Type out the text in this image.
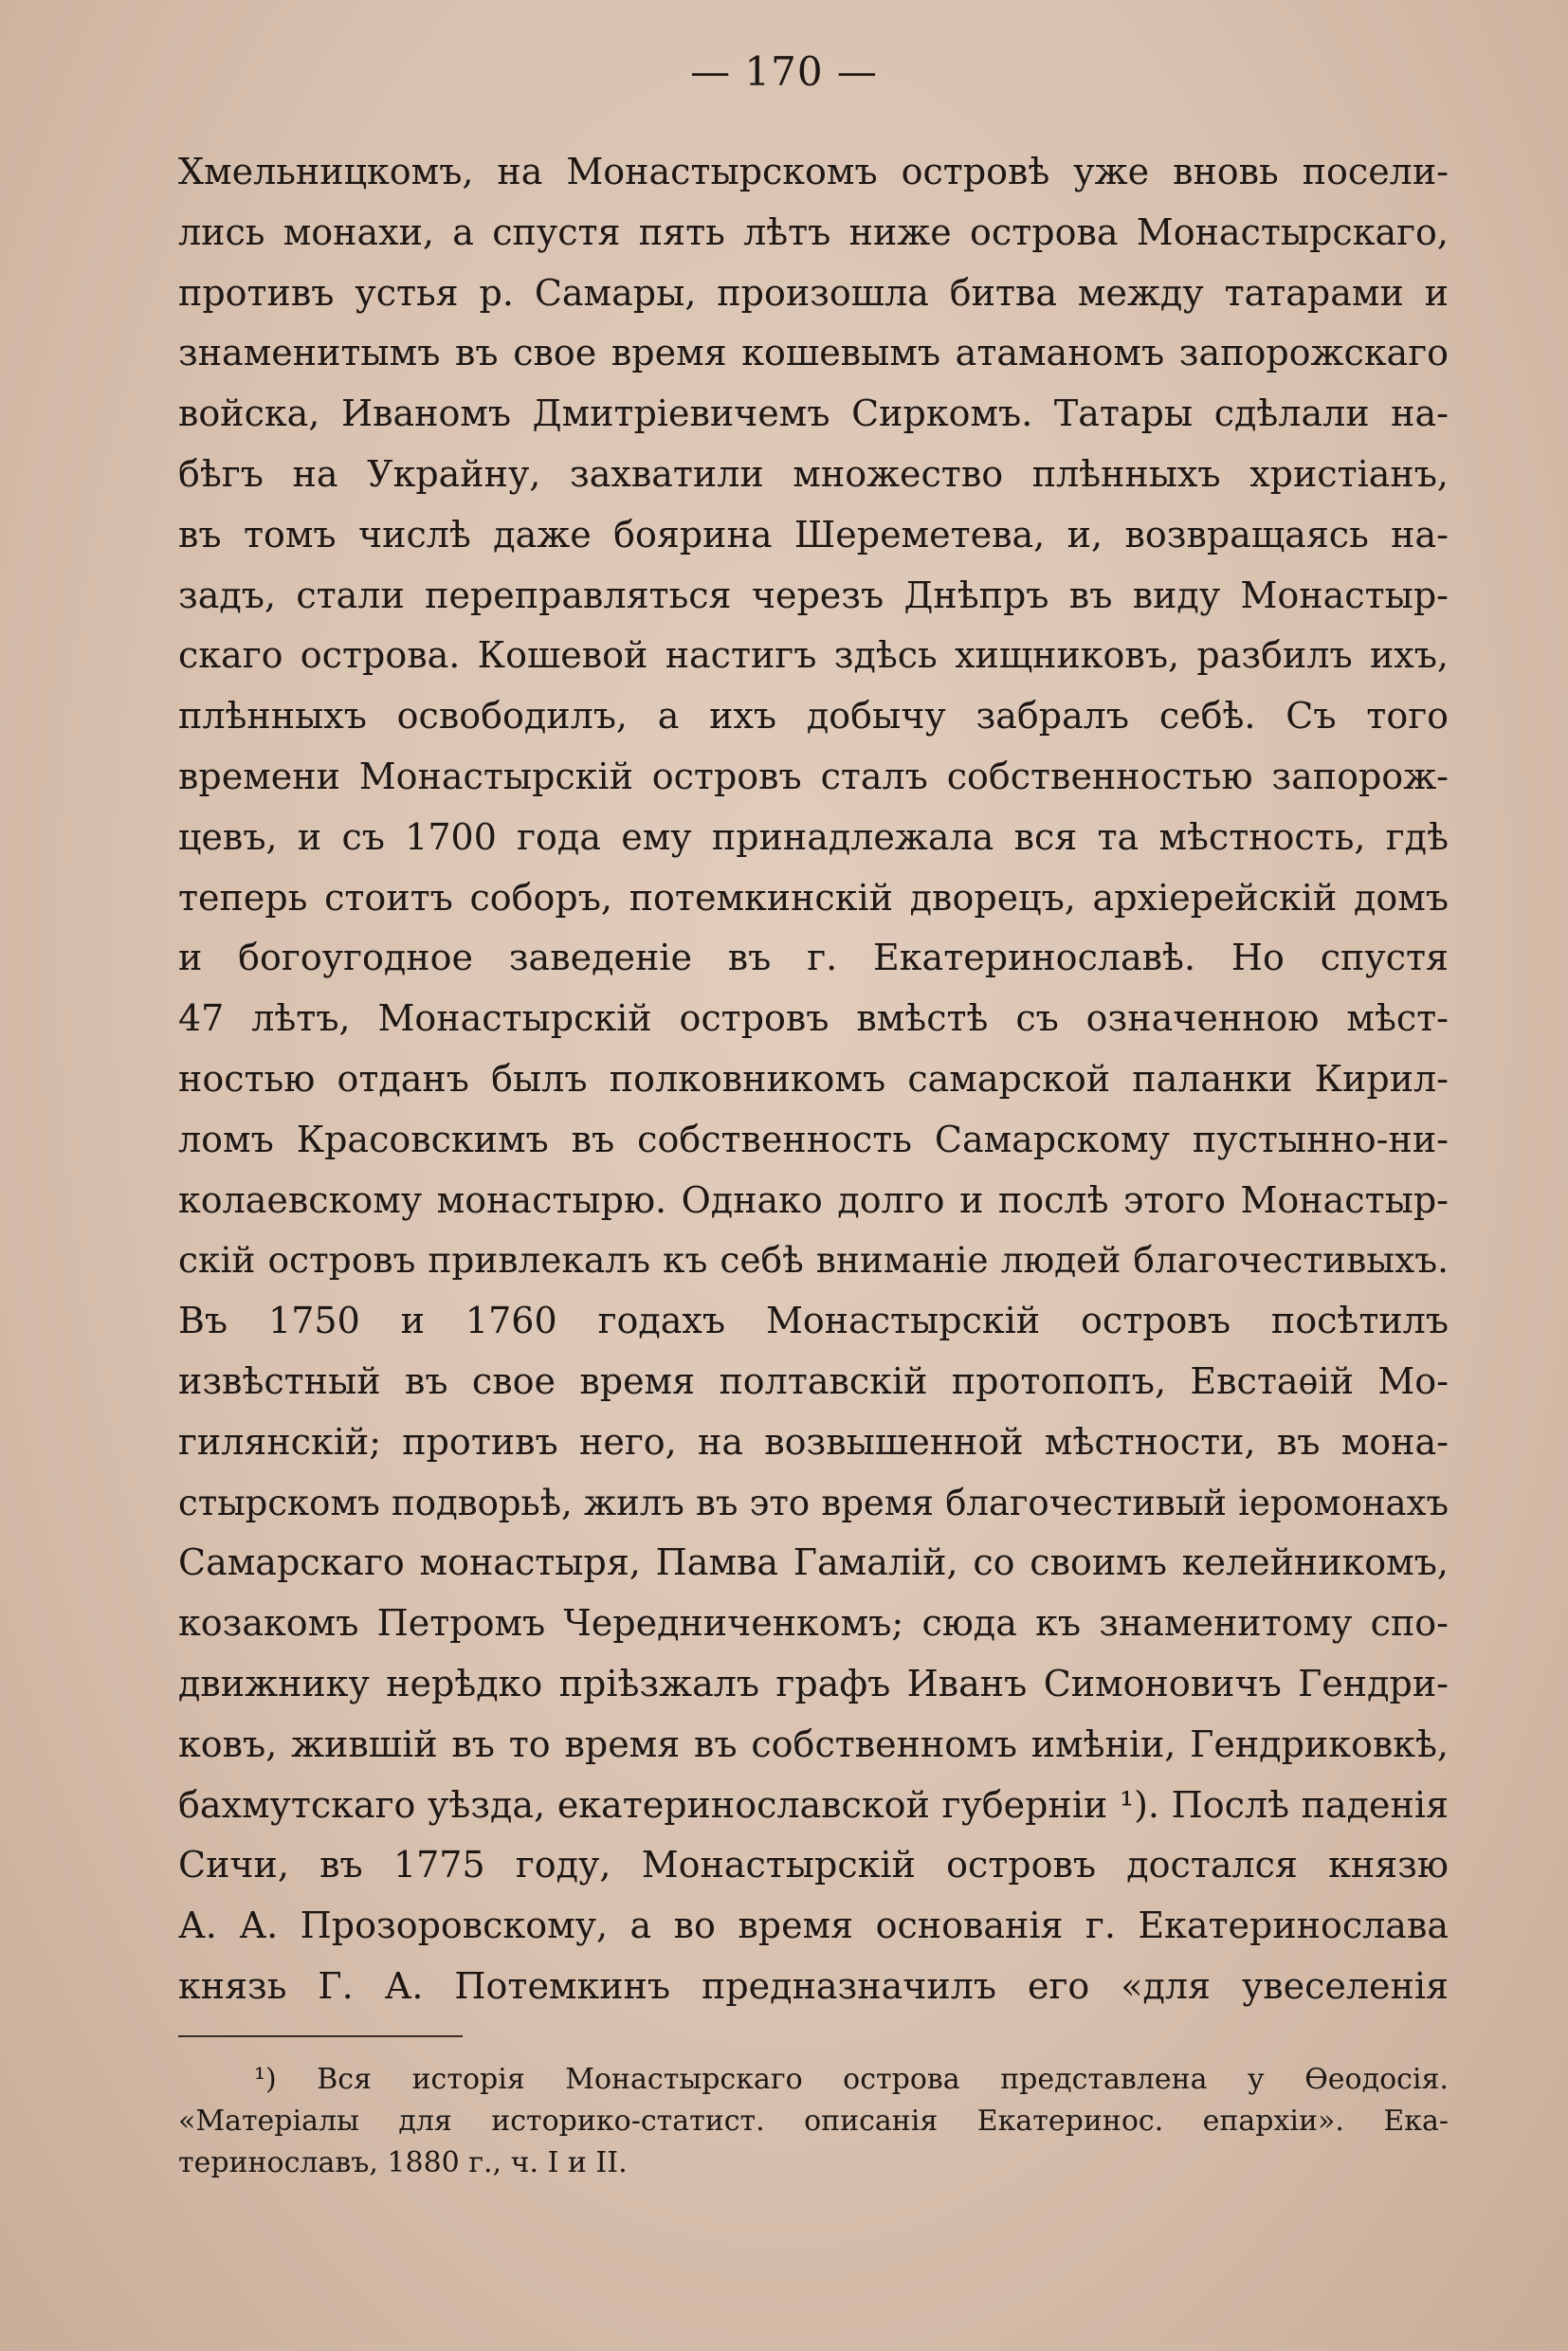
— 170 —
Хмельницкомъ, на Монастырскомъ островѣ уже вновь посели-
лись монахи, а спустя пять лѣтъ ниже острова Монастырскаго,
противъ устья р. Самары, произошла битва между татарами и
знаменитымъ въ свое время кошевымъ атаманомъ запорожскаго
войска, Иваномъ Дмитріевичемъ Сиркомъ. Татары сдѣлали на-
бѣгъ на Украйну, захватили множество плѣнныхъ христіанъ,
въ томъ числѣ даже боярина Шереметева, и, возвращаясь на-
задъ, стали переправляться черезъ Днѣпръ въ виду Монастыр-
скаго острова. Кошевой настигъ здѣсь хищниковъ, разбилъ ихъ,
плѣнныхъ освободилъ, а ихъ добычу забралъ себѣ. Съ того
времени Монастырскій островъ сталъ собственностью запорож-
цевъ, и съ 1700 года ему принадлежала вся та мѣстность, гдѣ
теперь стоитъ соборъ, потемкинскій дворецъ, архіерейскій домъ
и богоугодное заведеніе въ г. Екатеринославѣ. Но спустя
47 лѣтъ, Монастырскій островъ вмѣстѣ съ означенною мѣст-
ностью отданъ былъ полковникомъ самарской паланки Кирил-
ломъ Красовскимъ въ собственность Самарскому пустынно-ни-
колаевскому монастырю. Однако долго и послѣ этого Монастыр-
скій островъ привлекалъ къ себѣ вниманіе людей благочестивыхъ.
Въ 1750 и 1760 годахъ Монастырскій островъ посѣтилъ
извѣстный въ свое время полтавскій протопопъ, Евстаѳій Мо-
гилянскій; противъ него, на возвышенной мѣстности, въ мона-
стырскомъ подворьѣ, жилъ въ это время благочестивый іеромонахъ
Самарскаго монастыря, Памва Гамалій, со своимъ келейникомъ,
козакомъ Петромъ Чередниченкомъ; сюда къ знаменитому спо-
движнику нерѣдко пріѣзжалъ графъ Иванъ Симоновичъ Гендри-
ковъ, жившій въ то время въ собственномъ имѣніи, Гендриковкѣ,
бахмутскаго уѣзда, екатеринославской губерніи ¹). Послѣ паденія
Сичи, въ 1775 году, Монастырскій островъ достался князю
А. А. Прозоровскому, а во время основанія г. Екатеринослава
князь Г. А. Потемкинъ предназначилъ его «для увеселенія
¹) Вся исторія Монастырскаго острова представлена у Ѳеодосія.
«Матеріалы для историко-статист. описанія Екатеринос. епархіи». Ека-
теринославъ, 1880 г., ч. I и II.
